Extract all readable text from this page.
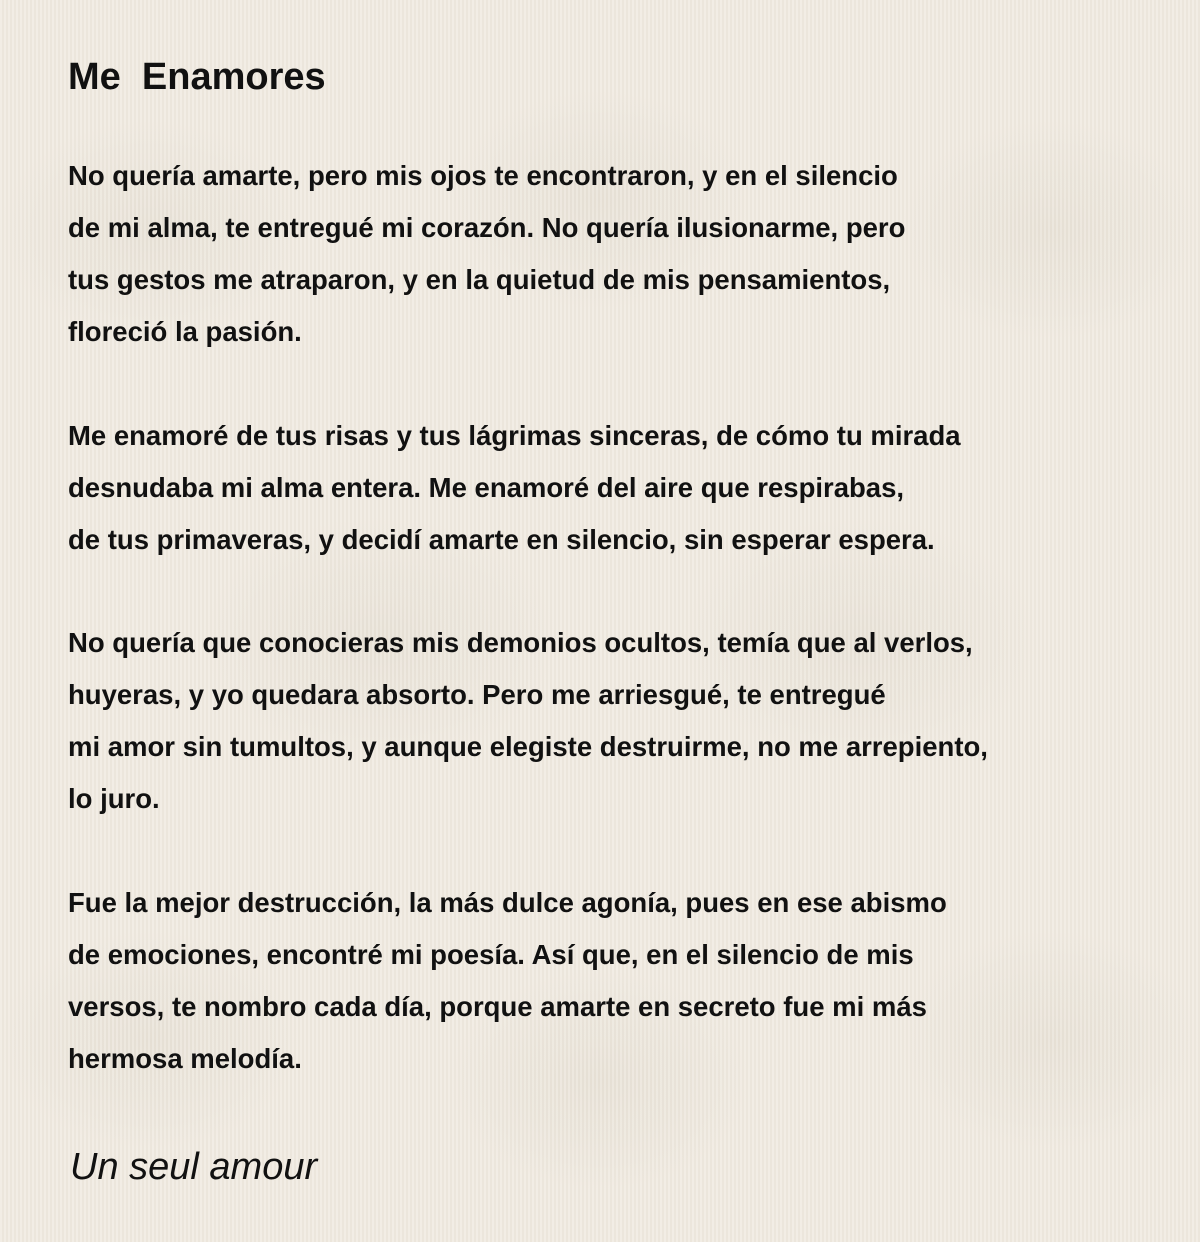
Me  Enamores
No quería amarte, pero mis ojos te encontraron, y en el silencio
de mi alma, te entregué mi corazón. No quería ilusionarme, pero
tus gestos me atraparon, y en la quietud de mis pensamientos,
floreció la pasión.
Me enamoré de tus risas y tus lágrimas sinceras, de cómo tu mirada
desnudaba mi alma entera. Me enamoré del aire que respirabas,
de tus primaveras, y decidí amarte en silencio, sin esperar espera.
No quería que conocieras mis demonios ocultos, temía que al verlos,
huyeras, y yo quedara absorto. Pero me arriesgué, te entregué
mi amor sin tumultos, y aunque elegiste destruirme, no me arrepiento,
lo juro.
Fue la mejor destrucción, la más dulce agonía, pues en ese abismo
de emociones, encontré mi poesía. Así que, en el silencio de mis
versos, te nombro cada día, porque amarte en secreto fue mi más
hermosa melodía.

Un seul amour
